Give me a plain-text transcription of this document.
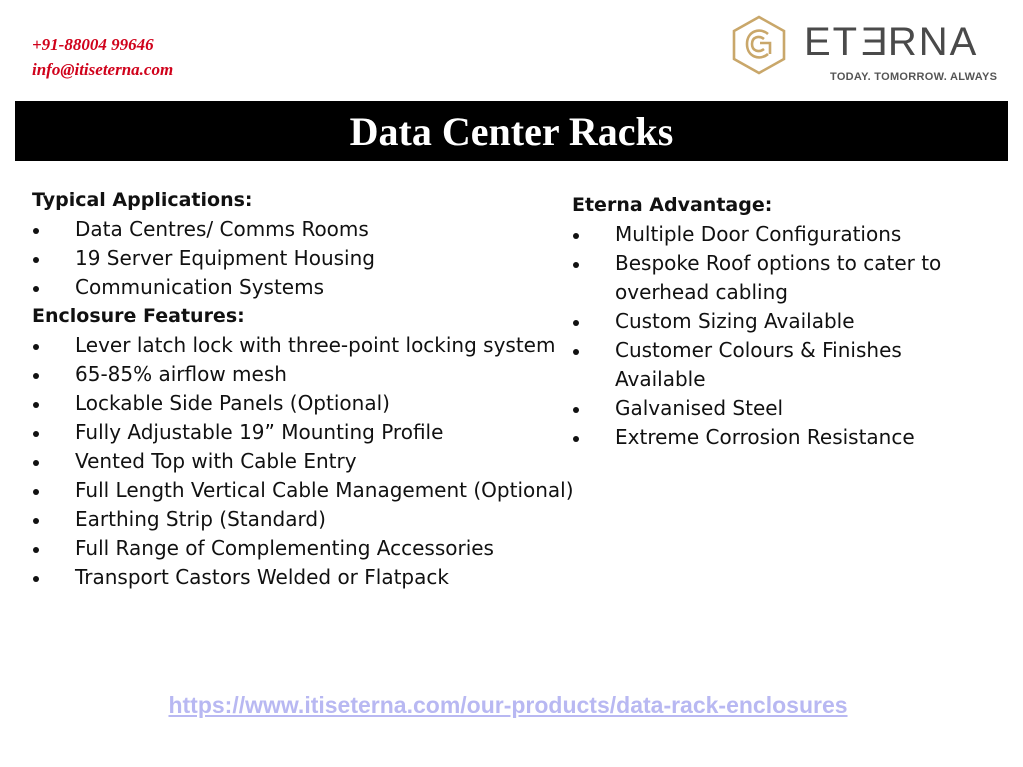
+91-88004 99646
info@itiseterna.com
ETERNA
TODAY. TOMORROW. ALWAYS
Data Center Racks
Typical Applications:
Data Centres/ Comms Rooms
19 Server Equipment Housing
Communication Systems
Enclosure Features:
Lever latch lock with three-point locking system
65-85% airflow mesh
Lockable Side Panels (Optional)
Fully Adjustable 19” Mounting Profile
Vented Top with Cable Entry
Full Length Vertical Cable Management (Optional)
Earthing Strip (Standard)
Full Range of Complementing Accessories
Transport Castors Welded or Flatpack
Eterna Advantage:
Multiple Door Configurations
Bespoke Roof options to cater to overhead cabling
Custom Sizing Available
Customer Colours & Finishes Available
Galvanised Steel
Extreme Corrosion Resistance
https://www.itiseterna.com/our-products/data-rack-enclosures
